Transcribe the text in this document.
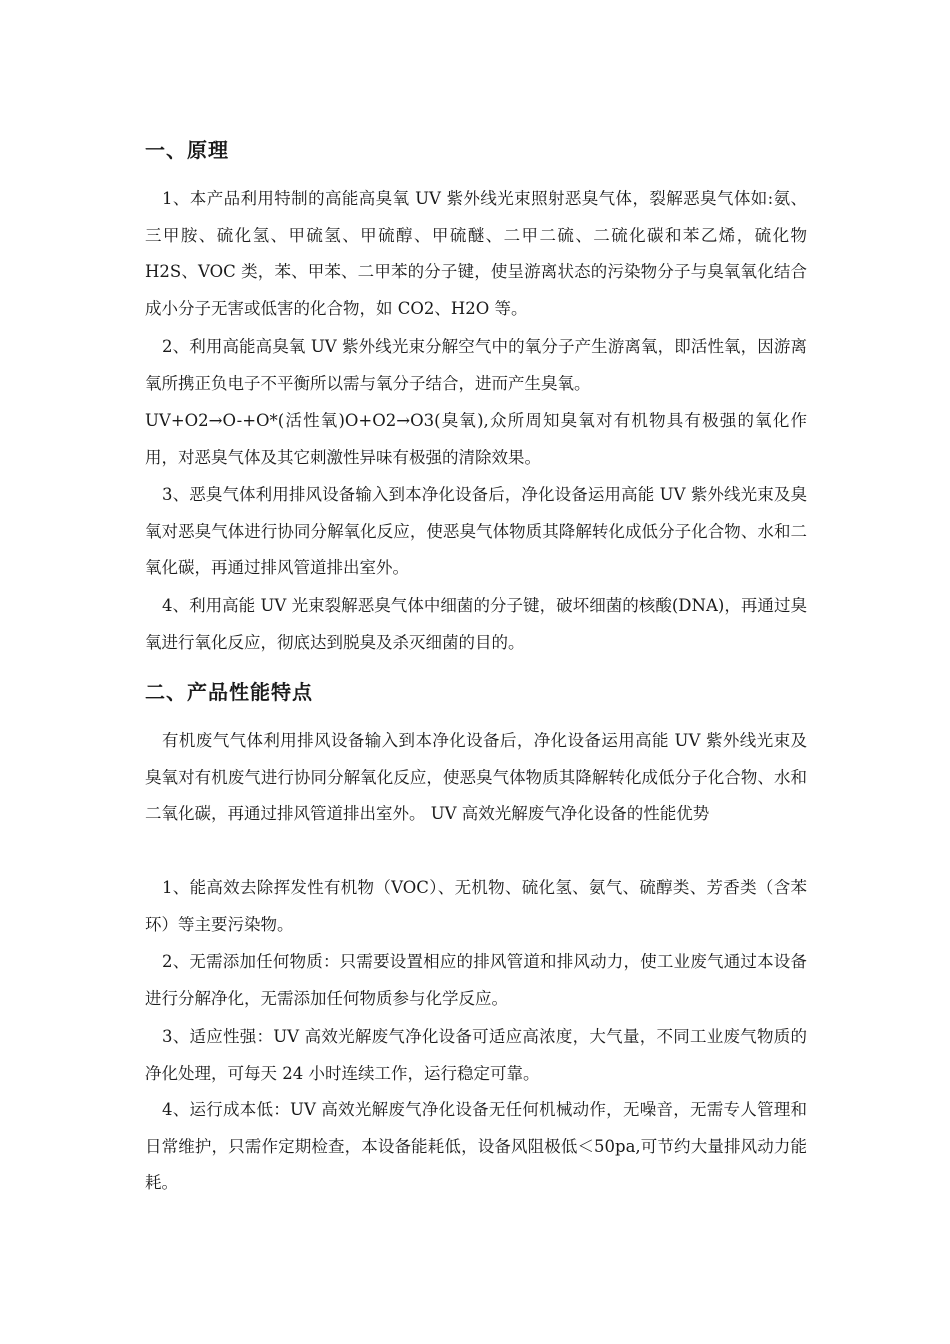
一、原理

1、本产品利用特制的高能高臭氧 UV 紫外线光束照射恶臭气体，裂解恶臭气体如:氨、三甲胺、硫化氢、甲硫氢、甲硫醇、甲硫醚、二甲二硫、二硫化碳和苯乙烯，硫化物 H2S、VOC 类，苯、甲苯、二甲苯的分子键，使呈游离状态的污染物分子与臭氧氧化结合成小分子无害或低害的化合物，如 CO2、H2O 等。

2、利用高能高臭氧 UV 紫外线光束分解空气中的氧分子产生游离氧，即活性氧，因游离氧所携正负电子不平衡所以需与氧分子结合，进而产生臭氧。

UV+O2→O-+O*(活性氧)O+O2→O3(臭氧),众所周知臭氧对有机物具有极强的氧化作用，对恶臭气体及其它刺激性异味有极强的清除效果。

3、恶臭气体利用排风设备输入到本净化设备后，净化设备运用高能 UV 紫外线光束及臭氧对恶臭气体进行协同分解氧化反应，使恶臭气体物质其降解转化成低分子化合物、水和二氧化碳，再通过排风管道排出室外。

4、利用高能 UV 光束裂解恶臭气体中细菌的分子键，破坏细菌的核酸(DNA)，再通过臭氧进行氧化反应，彻底达到脱臭及杀灭细菌的目的。

二、产品性能特点

有机废气气体利用排风设备输入到本净化设备后，净化设备运用高能 UV 紫外线光束及臭氧对有机废气进行协同分解氧化反应，使恶臭气体物质其降解转化成低分子化合物、水和二氧化碳，再通过排风管道排出室外。 UV 高效光解废气净化设备的性能优势

1、能高效去除挥发性有机物（VOC）、无机物、硫化氢、氨气、硫醇类、芳香类（含苯环）等主要污染物。

2、无需添加任何物质：只需要设置相应的排风管道和排风动力，使工业废气通过本设备进行分解净化，无需添加任何物质参与化学反应。

3、适应性强：UV 高效光解废气净化设备可适应高浓度，大气量，不同工业废气物质的净化处理，可每天 24 小时连续工作，运行稳定可靠。

4、运行成本低：UV 高效光解废气净化设备无任何机械动作，无噪音，无需专人管理和日常维护，只需作定期检查，本设备能耗低，设备风阻极低＜50pa,可节约大量排风动力能耗。
